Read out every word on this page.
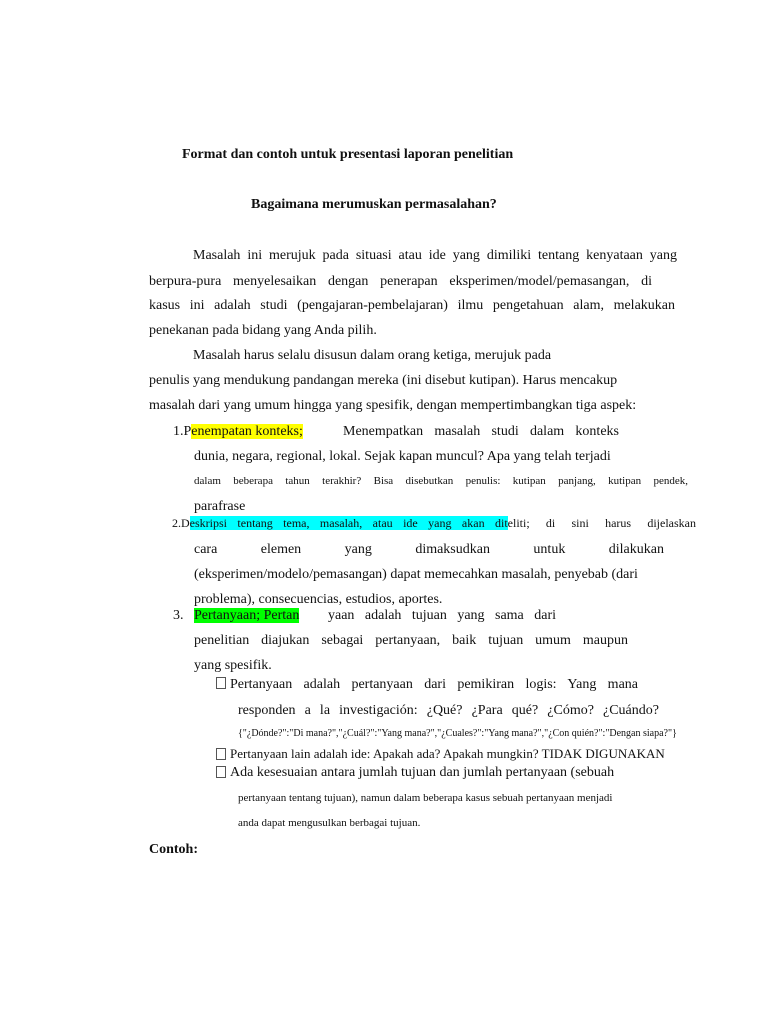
Format dan contoh untuk presentasi laporan penelitian
Bagaimana merumuskan permasalahan?
Masalah ini merujuk pada situasi atau ide yang dimiliki tentang kenyataan yang
berpura-pura menyelesaikan dengan penerapan eksperimen/model/pemasangan, di
kasus ini adalah studi (pengajaran-pembelajaran) ilmu pengetahuan alam, melakukan
penekanan pada bidang yang Anda pilih.
Masalah harus selalu disusun dalam orang ketiga, merujuk pada
penulis yang mendukung pandangan mereka (ini disebut kutipan). Harus mencakup
masalah dari yang umum hingga yang spesifik, dengan mempertimbangkan tiga aspek:
1.Penempatan konteks;	Menempatkan masalah studi dalam konteks
dunia, negara, regional, lokal. Sejak kapan muncul? Apa yang telah terjadi
dalam beberapa tahun terakhir? Bisa disebutkan penulis: kutipan panjang, kutipan pendek,
parafrase
2.D eskripsi tentang tema, masalah, atau ide yang akan dit eliti; di sini harus dijelaskan
cara elemen yang dimaksudkan untuk dilakukan
(eksperimen/modelo/pemasangan) dapat memecahkan masalah, penyebab (dari
problema), consecuencias, estudios, aportes.
3. Pertanyaan; Pertan yaan adalah tujuan yang sama dari
penelitian diajukan sebagai pertanyaan, baik tujuan umum maupun
yang spesifik.
Pertanyaan adalah pertanyaan dari pemikiran logis: Yang mana
responden a la investigación: ¿Qué? ¿Para qué? ¿Cómo? ¿Cuándo?
{"¿Dónde?":"Di mana?","¿Cuál?":"Yang mana?","¿Cuales?":"Yang mana?","¿Con quién?":"Dengan siapa?"}
Pertanyaan lain adalah ide: Apakah ada? Apakah mungkin? TIDAK DIGUNAKAN
Ada kesesuaian antara jumlah tujuan dan jumlah pertanyaan (sebuah
pertanyaan tentang tujuan), namun dalam beberapa kasus sebuah pertanyaan menjadi
anda dapat mengusulkan berbagai tujuan.
Contoh:
